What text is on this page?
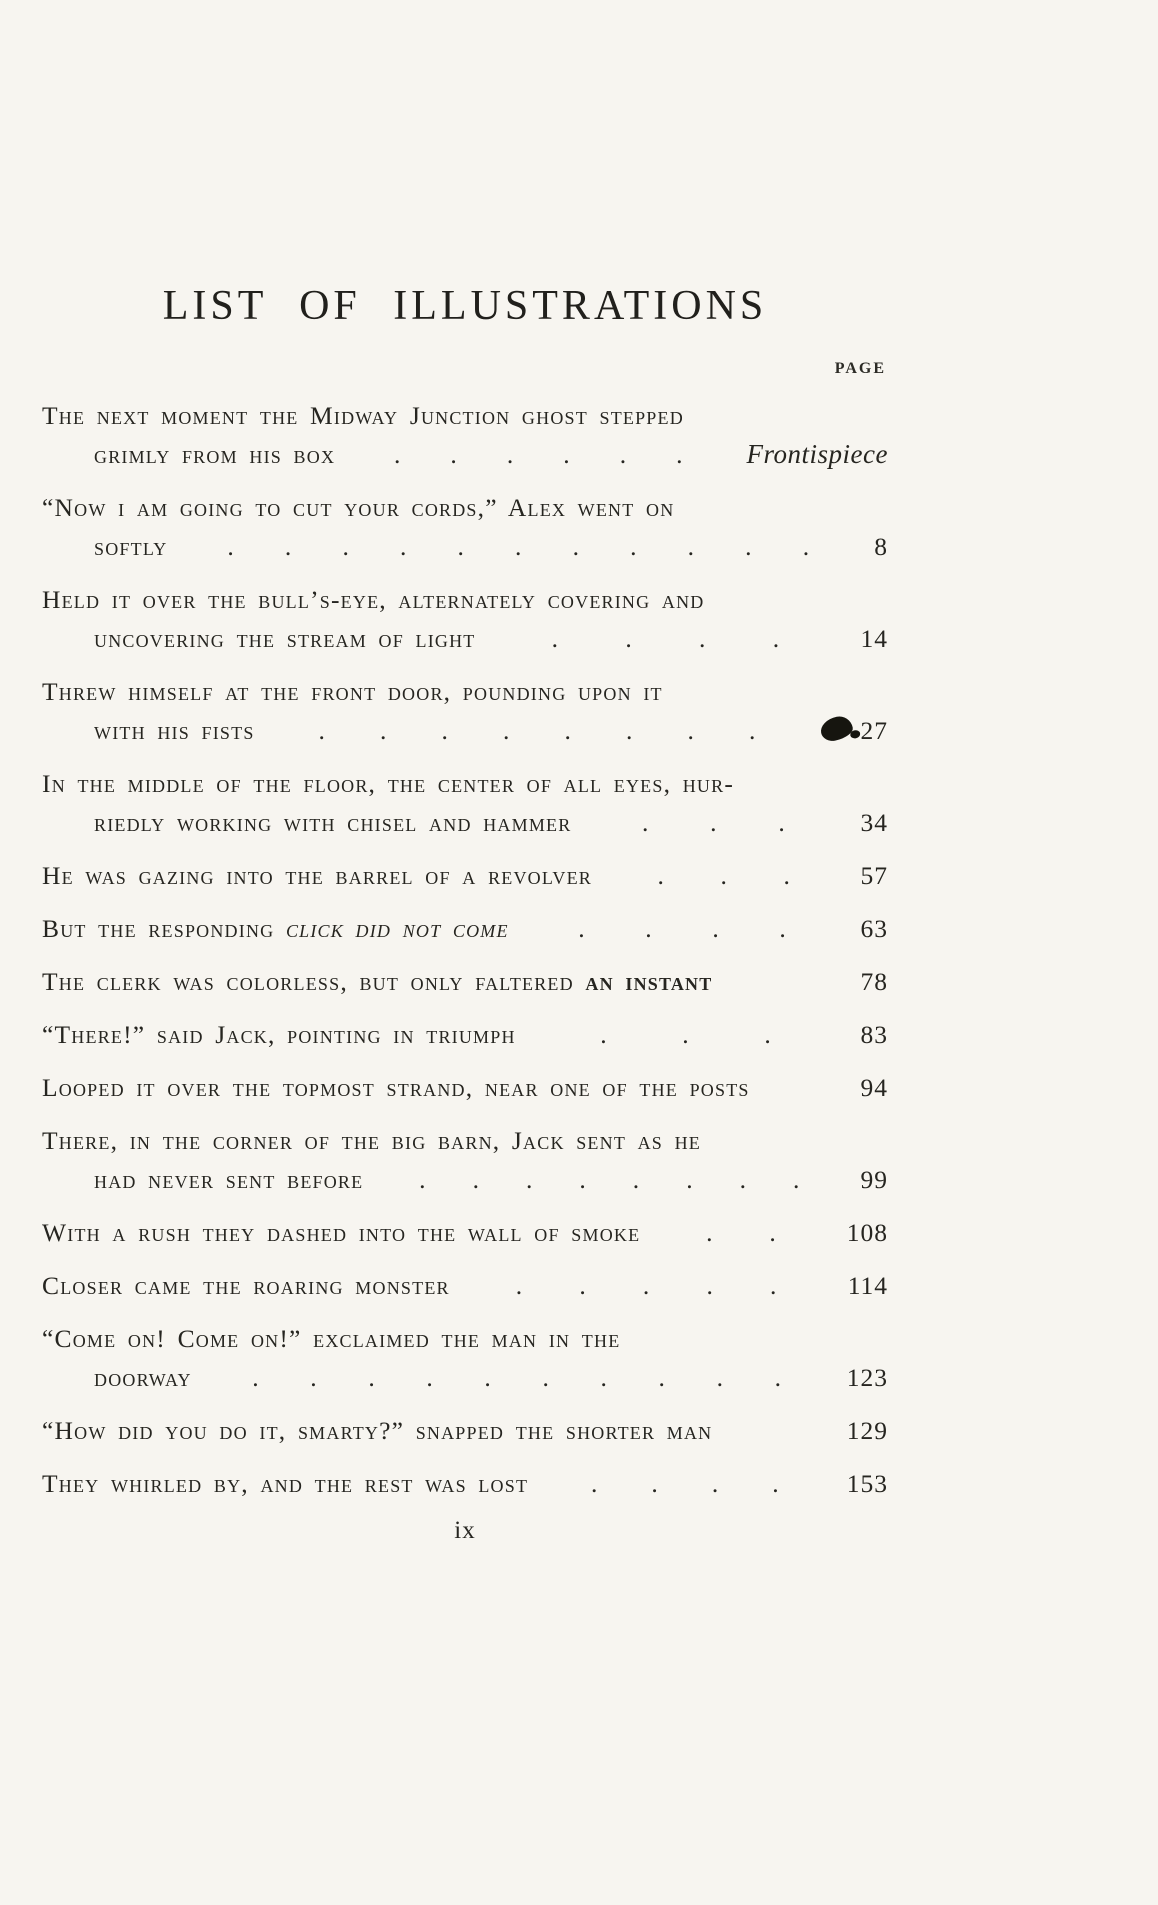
LIST OF ILLUSTRATIONS
PAGE
The next moment the Midway Junction ghost stepped
grimly from his box . . . . . . Frontispiece
“Now i am going to cut your cords,” Alex went on
softly . . . . . . . . . . .	8
Held it over the bull’s-eye, alternately covering and
uncovering the stream of light	.	.	.	.	14
Threw himself at the front door, pounding upon it
with his fists	. . . . . . . .	27
In the middle of the floor, the center of all eyes, hur-
riedly working with chisel and hammer	. . .	34
He was gazing into the barrel of a revolver	. . .	57
But the responding click did not come	. . . .	63
The clerk was colorless, but only faltered an instant	78
“There!” said Jack, pointing in triumph	.	.	.	83
Looped it over the topmost strand, near one of the posts	94
There, in the corner of the big barn, Jack sent as he
had never sent before . . . . . . . . 99
With a rush they dashed into the wall of smoke	. .	108
Closer came the roaring monster	. . . . .	114
“Come on! Come on!” exclaimed the man in the
doorway . . . . . . . . . .	123
“How did you do it, smarty?” snapped the shorter man	129
They whirled by, and the rest was lost . . . .	153
ix
